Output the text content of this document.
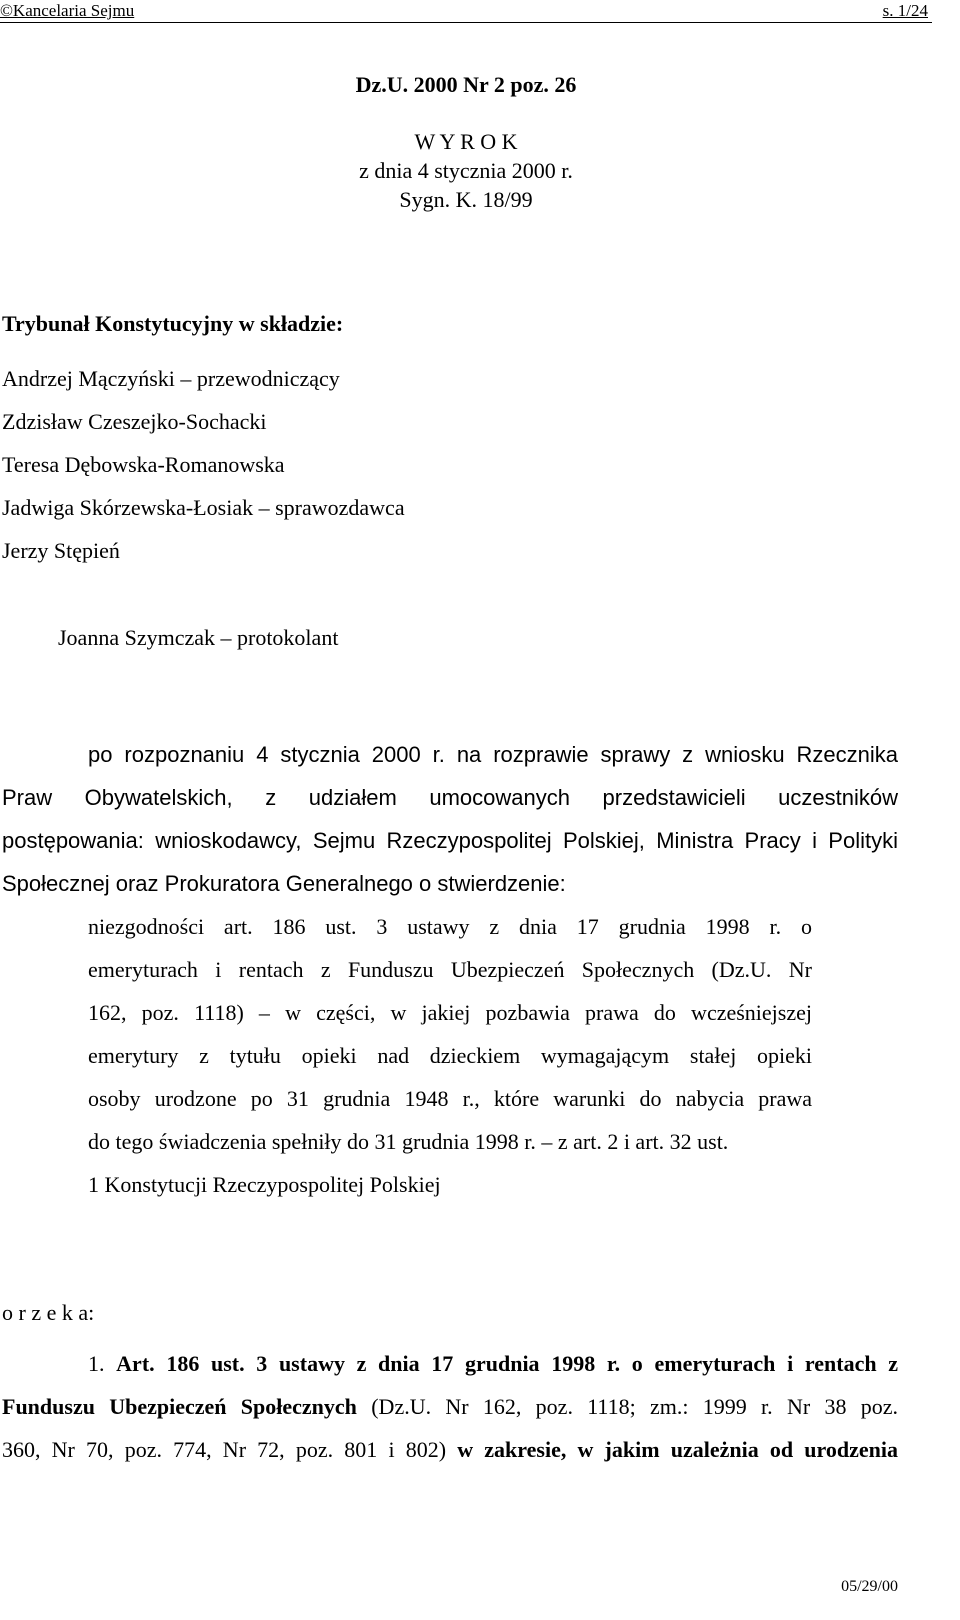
©Kancelaria Sejmu	s. 1/24
Dz.U. 2000 Nr 2 poz. 26
W Y R O K
z dnia 4 stycznia 2000 r.
Sygn. K. 18/99
Trybunał Konstytucyjny w składzie:
Andrzej Mączyński – przewodniczący
Zdzisław Czeszejko-Sochacki
Teresa Dębowska-Romanowska
Jadwiga Skórzewska-Łosiak – sprawozdawca
Jerzy Stępień
Joanna Szymczak – protokolant
po rozpoznaniu 4 stycznia 2000 r. na rozprawie sprawy z wniosku Rzecznika
Praw Obywatelskich, z udziałem umocowanych przedstawicieli uczestników
postępowania: wnioskodawcy, Sejmu Rzeczypospolitej Polskiej, Ministra Pracy i Polityki
Społecznej oraz Prokuratora Generalnego o stwierdzenie:
niezgodności art. 186 ust. 3 ustawy z dnia 17 grudnia 1998 r. o
emeryturach i rentach z Funduszu Ubezpieczeń Społecznych (Dz.U. Nr
162, poz. 1118) – w części, w jakiej pozbawia prawa do wcześniejszej
emerytury z tytułu opieki nad dzieckiem wymagającym stałej opieki
osoby urodzone po 31 grudnia 1948 r., które warunki do nabycia prawa
do tego świadczenia spełniły do 31 grudnia 1998 r. – z art. 2 i art. 32 ust.
1 Konstytucji Rzeczypospolitej Polskiej
o r z e k a:
1. Art. 186 ust. 3 ustawy z dnia 17 grudnia 1998 r. o emeryturach i rentach z
Funduszu Ubezpieczeń Społecznych (Dz.U. Nr 162, poz. 1118; zm.: 1999 r. Nr 38 poz.
360, Nr 70, poz. 774, Nr 72, poz. 801 i 802) w zakresie, w jakim uzależnia od urodzenia
05/29/00
